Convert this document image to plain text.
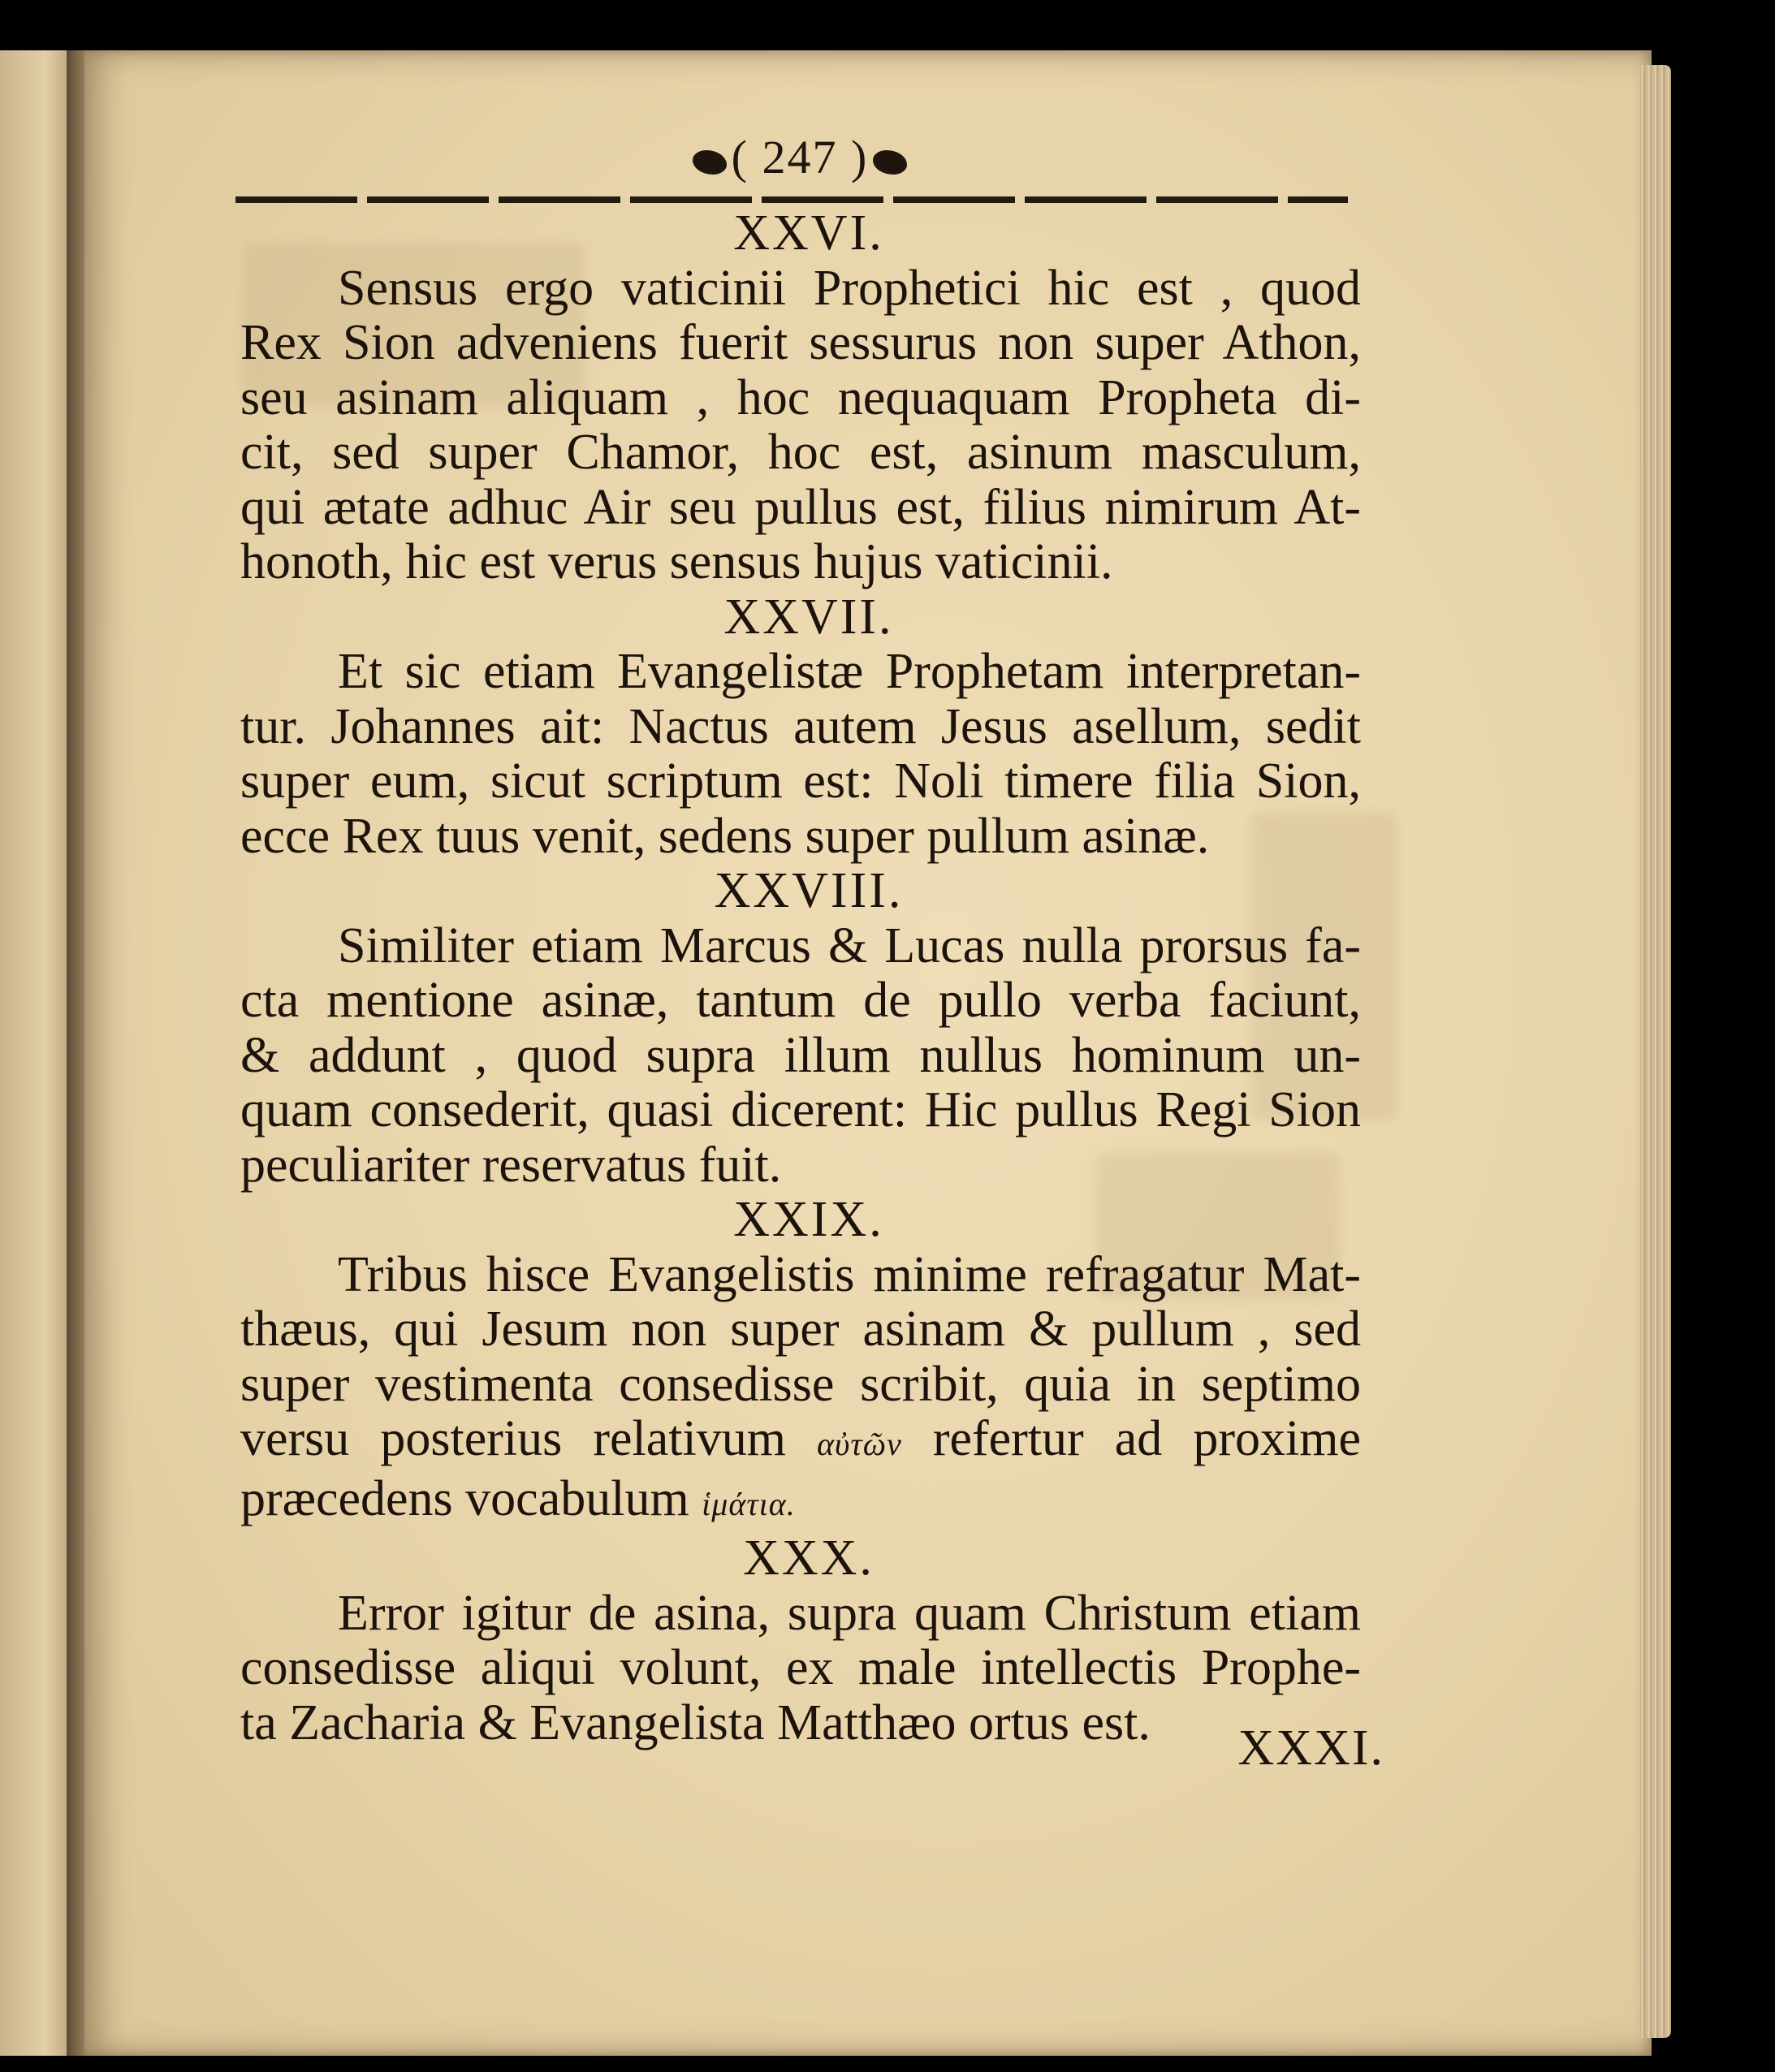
( 247 )
XXVI.
Sensus ergo vaticinii Prophetici hic est , quod
Rex Sion adveniens fuerit sessurus non super Athon,
seu asinam aliquam , hoc nequaquam Propheta di-
cit, sed super Chamor, hoc est, asinum masculum,
qui ætate adhuc Air seu pullus est, filius nimirum At-
honoth, hic est verus sensus hujus vaticinii.
XXVII.
Et sic etiam Evangelistæ Prophetam interpretan-
tur. Johannes ait: Nactus autem Jesus asellum, sedit
super eum, sicut scriptum est: Noli timere filia Sion,
ecce Rex tuus venit, sedens super pullum asinæ.
XXVIII.
Similiter etiam Marcus & Lucas nulla prorsus fa-
cta mentione asinæ, tantum de pullo verba faciunt,
& addunt , quod supra illum nullus hominum un-
quam consederit, quasi dicerent: Hic pullus Regi Sion
peculiariter reservatus fuit.
XXIX.
Tribus hisce Evangelistis minime refragatur Mat-
thæus, qui Jesum non super asinam & pullum , sed
super vestimenta consedisse scribit, quia in septimo
versu posterius relativum αὐτῶν refertur ad proxime
præcedens vocabulum ἱμάτια.
XXX.
Error igitur de asina, supra quam Christum etiam
consedisse aliqui volunt, ex male intellectis Prophe-
ta Zacharia & Evangelista Matthæo ortus est.	XXXI.
